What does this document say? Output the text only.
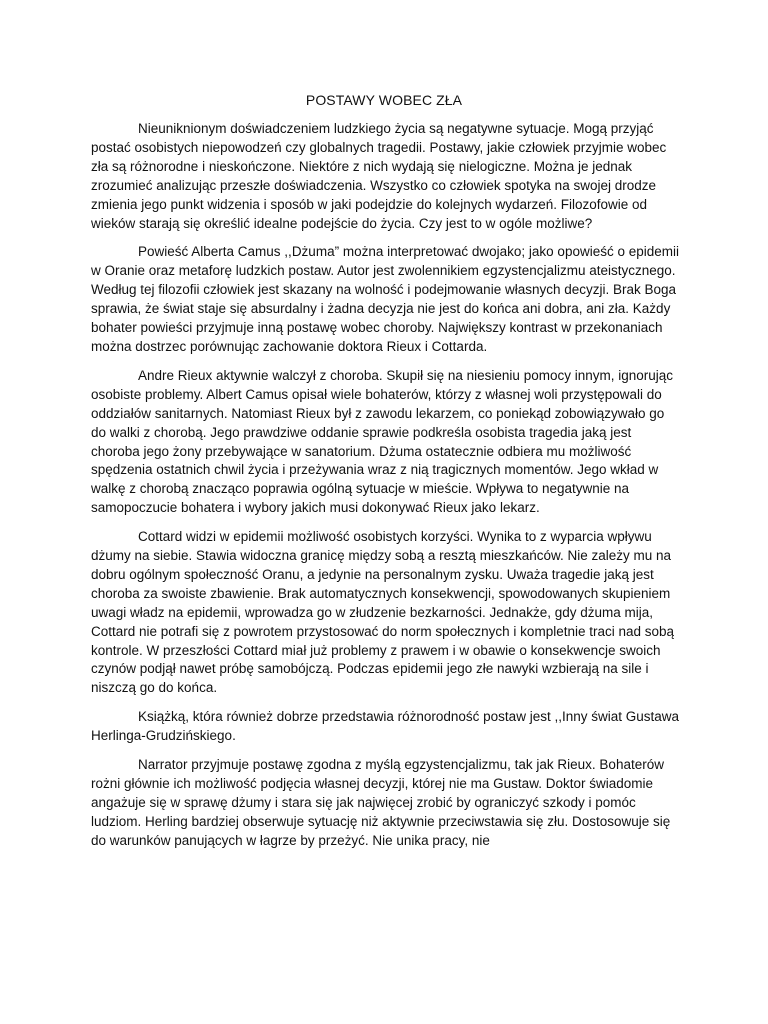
POSTAWY WOBEC ZŁA

Nieuniknionym doświadczeniem ludzkiego życia są negatywne sytuacje. Mogą przyjąć postać osobistych niepowodzeń czy globalnych tragedii. Postawy, jakie człowiek przyjmie wobec zła są różnorodne i nieskończone. Niektóre z nich wydają się nielogiczne. Można je jednak zrozumieć analizując przeszłe doświadczenia. Wszystko co człowiek spotyka na swojej drodze zmienia jego punkt widzenia i sposób w jaki podejdzie do kolejnych wydarzeń. Filozofowie od wieków starają się określić idealne podejście do życia. Czy jest to w ogóle możliwe?

Powieść Alberta Camus ,,Dżuma” można interpretować dwojako; jako opowieść o epidemii w Oranie oraz metaforę ludzkich postaw. Autor jest zwolennikiem egzystencjalizmu ateistycznego. Według tej filozofii człowiek jest skazany na wolność i podejmowanie własnych decyzji. Brak Boga sprawia, że świat staje się absurdalny i żadna decyzja nie jest do końca ani dobra, ani zła. Każdy bohater powieści przyjmuje inną postawę wobec choroby. Największy kontrast w przekonaniach można dostrzec porównując zachowanie doktora Rieux i Cottarda.

Andre Rieux aktywnie walczył z choroba. Skupił się na niesieniu pomocy innym, ignorując osobiste problemy. Albert Camus opisał wiele bohaterów, którzy z własnej woli przystępowali do oddziałów sanitarnych. Natomiast Rieux był z zawodu lekarzem, co poniekąd zobowiązywało go do walki z chorobą. Jego prawdziwe oddanie sprawie podkreśla osobista tragedia jaką jest choroba jego żony przebywające w sanatorium. Dżuma ostatecznie odbiera mu możliwość spędzenia ostatnich chwil życia i przeżywania wraz z nią tragicznych momentów. Jego wkład w walkę z chorobą znacząco poprawia ogólną sytuacje w mieście. Wpływa to negatywnie na samopoczucie bohatera i wybory jakich musi dokonywać Rieux jako lekarz.

Cottard widzi w epidemii możliwość osobistych korzyści. Wynika to z wyparcia wpływu dżumy na siebie. Stawia widoczna granicę między sobą a resztą mieszkańców. Nie zależy mu na dobru ogólnym społeczność Oranu, a jedynie na personalnym zysku. Uważa tragedie jaką jest choroba za swoiste zbawienie. Brak automatycznych konsekwencji, spowodowanych skupieniem uwagi władz na epidemii, wprowadza go w złudzenie bezkarności. Jednakże, gdy dżuma mija, Cottard nie potrafi się z powrotem przystosować do norm społecznych i kompletnie traci nad sobą kontrole. W przeszłości Cottard miał już problemy z prawem i w obawie o konsekwencje swoich czynów podjął nawet próbę samobójczą. Podczas epidemii jego złe nawyki wzbierają na sile i niszczą go do końca.

Książką, która również dobrze przedstawia różnorodność postaw jest ,,Inny świat Gustawa Herlinga-Grudzińskiego.

Narrator przyjmuje postawę zgodna z myślą egzystencjalizmu, tak jak Rieux. Bohaterów rożni głównie ich możliwość podjęcia własnej decyzji, której nie ma Gustaw. Doktor świadomie angażuje się w sprawę dżumy i stara się jak najwięcej zrobić by ograniczyć szkody i pomóc ludziom. Herling bardziej obserwuje sytuację niż aktywnie przeciwstawia się złu. Dostosowuje się do warunków panujących w łagrze by przeżyć. Nie unika pracy, nie
